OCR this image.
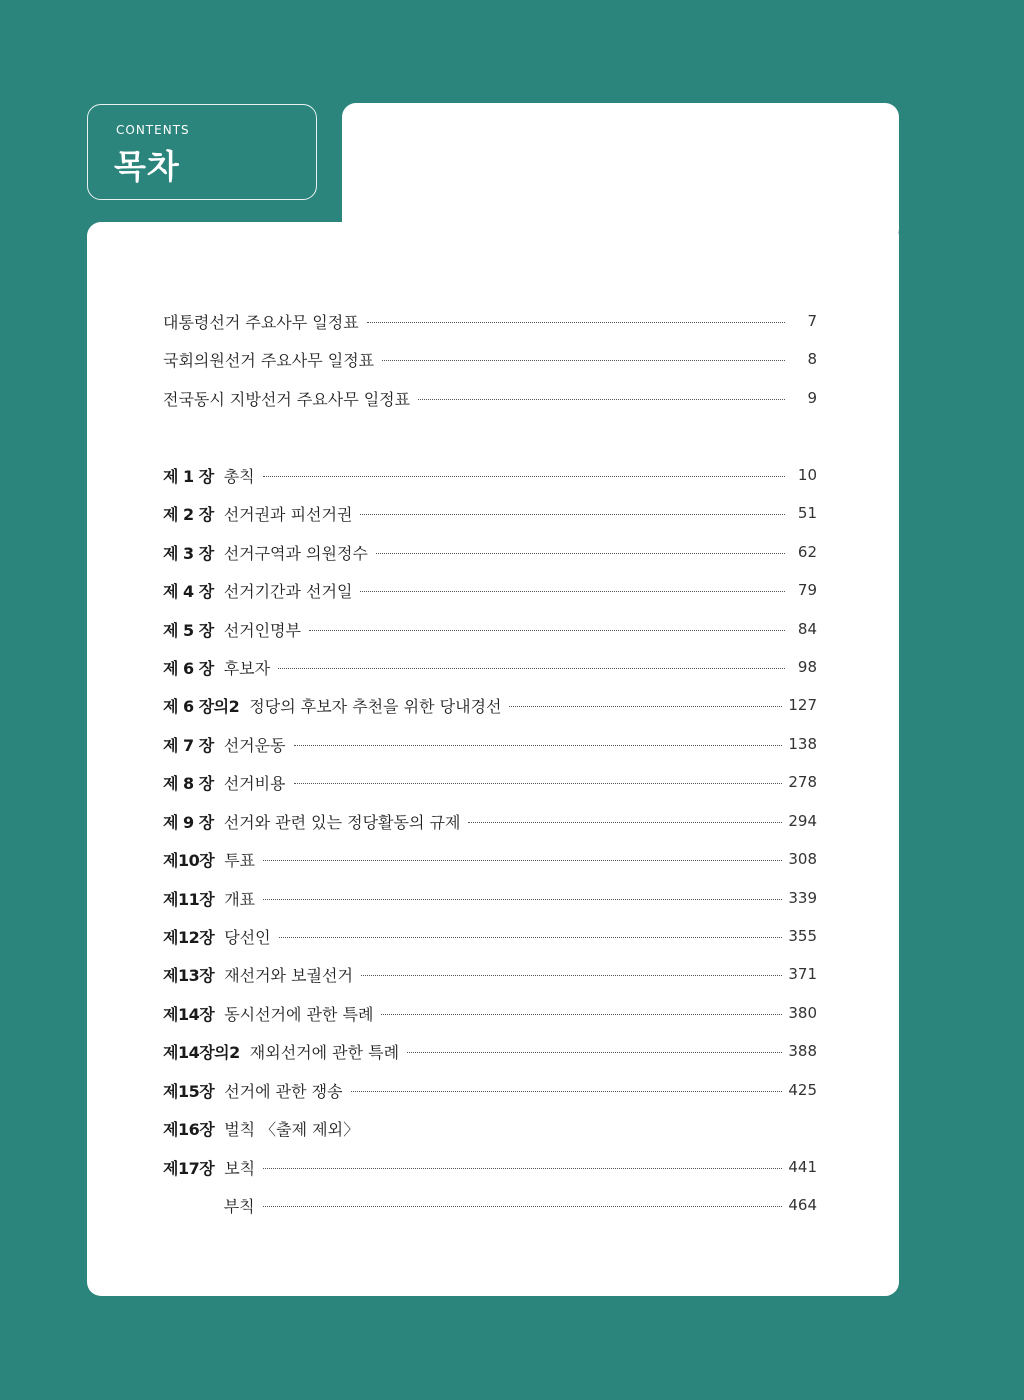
CONTENTS
목차
대통령선거 주요사무 일정표	7
국회의원선거 주요사무 일정표	8
전국동시 지방선거 주요사무 일정표	9
제 1 장 총칙	10
제 2 장 선거권과 피선거권	51
제 3 장 선거구역과 의원정수	62
제 4 장 선거기간과 선거일	79
제 5 장 선거인명부	84
제 6 장 후보자	98
제 6 장의2 정당의 후보자 추천을 위한 당내경선	127
제 7 장 선거운동	138
제 8 장 선거비용	278
제 9 장 선거와 관련 있는 정당활동의 규제	294
제10장 투표	308
제11장 개표	339
제12장 당선인	355
제13장 재선거와 보궐선거	371
제14장 동시선거에 관한 특례	380
제14장의2 재외선거에 관한 특례	388
제15장 선거에 관한 쟁송	425
제16장 벌칙 〈출제 제외〉
제17장 보칙	441
부칙	464
